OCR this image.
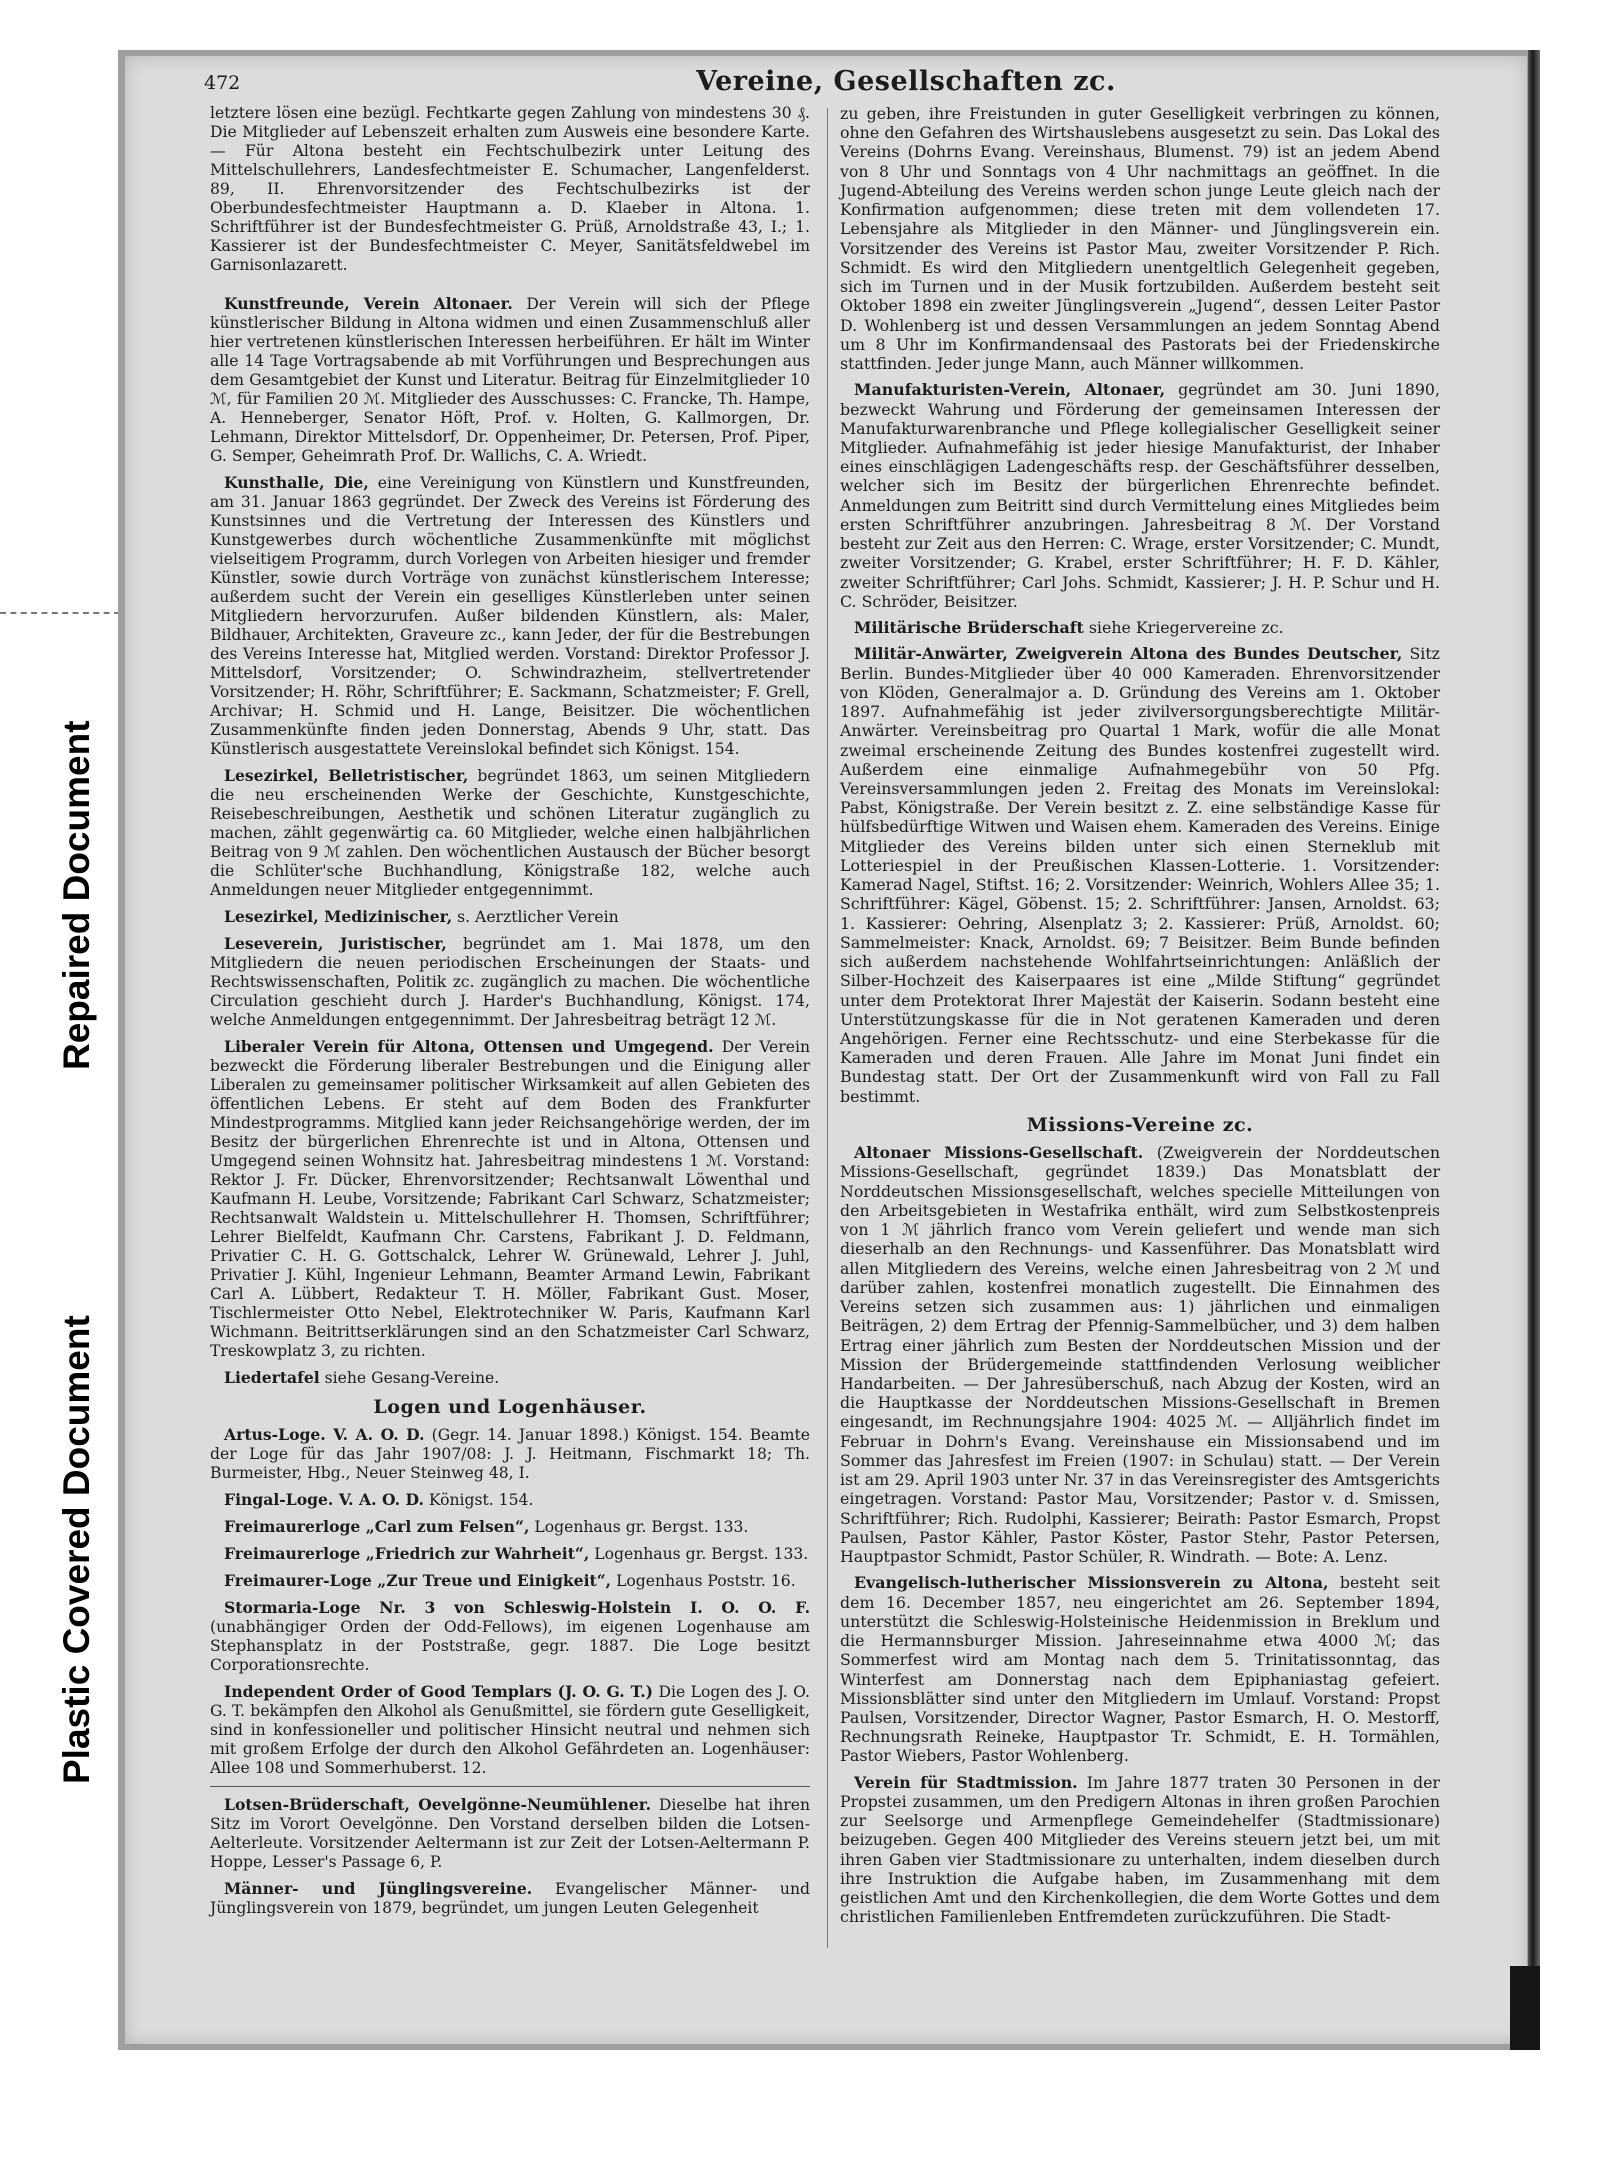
Repaired Document
Plastic Covered Document
472	Vereine, Gesellschaften zc.

letztere lösen eine bezügl. Fechtkarte gegen Zahlung von mindestens 30 ₰. Die Mitglieder auf Lebenszeit erhalten zum Ausweis eine besondere Karte. — Für Altona besteht ein Fechtschulbezirk unter Leitung des Mittelschullehrers, Landesfechtmeister E. Schumacher, Langenfelderst. 89, II. Ehrenvorsitzender des Fechtschulbezirks ist der Oberbundesfechtmeister Hauptmann a. D. Klaeber in Altona. 1. Schriftführer ist der Bundesfechtmeister G. Prüß, Arnoldstraße 43, I.; 1. Kassierer ist der Bundesfechtmeister C. Meyer, Sanitätsfeldwebel im Garnisonlazarett.

Kunstfreunde, Verein Altonaer. Der Verein will sich der Pflege künstlerischer Bildung in Altona widmen und einen Zusammenschluß aller hier vertretenen künstlerischen Interessen herbeiführen. Er hält im Winter alle 14 Tage Vortragsabende ab mit Vorführungen und Besprechungen aus dem Gesamtgebiet der Kunst und Literatur. Beitrag für Einzelmitglieder 10 ℳ, für Familien 20 ℳ. Mitglieder des Ausschusses: C. Francke, Th. Hampe, A. Henneberger, Senator Höft, Prof. v. Holten, G. Kallmorgen, Dr. Lehmann, Direktor Mittelsdorf, Dr. Oppenheimer, Dr. Petersen, Prof. Piper, G. Semper, Geheimrath Prof. Dr. Wallichs, C. A. Wriedt.

Kunsthalle, Die, eine Vereinigung von Künstlern und Kunstfreunden, am 31. Januar 1863 gegründet. Der Zweck des Vereins ist Förderung des Kunstsinnes und die Vertretung der Interessen des Künstlers und Kunstgewerbes durch wöchentliche Zusammenkünfte mit möglichst vielseitigem Programm, durch Vorlegen von Arbeiten hiesiger und fremder Künstler, sowie durch Vorträge von zunächst künstlerischem Interesse; außerdem sucht der Verein ein geselliges Künstlerleben unter seinen Mitgliedern hervorzurufen. Außer bildenden Künstlern, als: Maler, Bildhauer, Architekten, Graveure zc., kann Jeder, der für die Bestrebungen des Vereins Interesse hat, Mitglied werden. Vorstand: Direktor Professor J. Mittelsdorf, Vorsitzender; O. Schwindrazheim, stellvertretender Vorsitzender; H. Röhr, Schriftführer; E. Sackmann, Schatzmeister; F. Grell, Archivar; H. Schmid und H. Lange, Beisitzer. Die wöchentlichen Zusammenkünfte finden jeden Donnerstag, Abends 9 Uhr, statt. Das Künstlerisch ausgestattete Vereinslokal befindet sich Königst. 154.

Lesezirkel, Belletristischer, begründet 1863, um seinen Mitgliedern die neu erscheinenden Werke der Geschichte, Kunstgeschichte, Reisebeschreibungen, Aesthetik und schönen Literatur zugänglich zu machen, zählt gegenwärtig ca. 60 Mitglieder, welche einen halbjährlichen Beitrag von 9 ℳ zahlen. Den wöchentlichen Austausch der Bücher besorgt die Schlüter'sche Buchhandlung, Königstraße 182, welche auch Anmeldungen neuer Mitglieder entgegennimmt.

Lesezirkel, Medizinischer, s. Aerztlicher Verein

Leseverein, Juristischer, begründet am 1. Mai 1878, um den Mitgliedern die neuen periodischen Erscheinungen der Staats- und Rechtswissenschaften, Politik zc. zugänglich zu machen. Die wöchentliche Circulation geschieht durch J. Harder's Buchhandlung, Königst. 174, welche Anmeldungen entgegennimmt. Der Jahresbeitrag beträgt 12 ℳ.

Liberaler Verein für Altona, Ottensen und Umgegend. Der Verein bezweckt die Förderung liberaler Bestrebungen und die Einigung aller Liberalen zu gemeinsamer politischer Wirksamkeit auf allen Gebieten des öffentlichen Lebens. Er steht auf dem Boden des Frankfurter Mindestprogramms. Mitglied kann jeder Reichsangehörige werden, der im Besitz der bürgerlichen Ehrenrechte ist und in Altona, Ottensen und Umgegend seinen Wohnsitz hat. Jahresbeitrag mindestens 1 ℳ. Vorstand: Rektor J. Fr. Dücker, Ehrenvorsitzender; Rechtsanwalt Löwenthal und Kaufmann H. Leube, Vorsitzende; Fabrikant Carl Schwarz, Schatzmeister; Rechtsanwalt Waldstein u. Mittelschullehrer H. Thomsen, Schriftführer; Lehrer Bielfeldt, Kaufmann Chr. Carstens, Fabrikant J. D. Feldmann, Privatier C. H. G. Gottschalck, Lehrer W. Grünewald, Lehrer J. Juhl, Privatier J. Kühl, Ingenieur Lehmann, Beamter Armand Lewin, Fabrikant Carl A. Lübbert, Redakteur T. H. Möller, Fabrikant Gust. Moser, Tischlermeister Otto Nebel, Elektrotechniker W. Paris, Kaufmann Karl Wichmann. Beitrittserklärungen sind an den Schatzmeister Carl Schwarz, Treskowplatz 3, zu richten.

Liedertafel siehe Gesang-Vereine.

Logen und Logenhäuser.

Artus-Loge. V. A. O. D. (Gegr. 14. Januar 1898.) Königst. 154. Beamte der Loge für das Jahr 1907/08: J. J. Heitmann, Fischmarkt 18; Th. Burmeister, Hbg., Neuer Steinweg 48, I.

Fingal-Loge. V. A. O. D. Königst. 154.

Freimaurerloge „Carl zum Felsen“, Logenhaus gr. Bergst. 133.

Freimaurerloge „Friedrich zur Wahrheit“, Logenhaus gr. Bergst. 133.

Freimaurer-Loge „Zur Treue und Einigkeit“, Logenhaus Poststr. 16.

Stormaria-Loge Nr. 3 von Schleswig-Holstein I. O. O. F. (unabhängiger Orden der Odd-Fellows), im eigenen Logenhause am Stephansplatz in der Poststraße, gegr. 1887. Die Loge besitzt Corporationsrechte.

Independent Order of Good Templars (J. O. G. T.) Die Logen des J. O. G. T. bekämpfen den Alkohol als Genußmittel, sie fördern gute Geselligkeit, sind in konfessioneller und politischer Hinsicht neutral und nehmen sich mit großem Erfolge der durch den Alkohol Gefährdeten an. Logenhäuser: Allee 108 und Sommerhuberst. 12.

Lotsen-Brüderschaft, Oevelgönne-Neumühlener. Dieselbe hat ihren Sitz im Vorort Oevelgönne. Den Vorstand derselben bilden die Lotsen-Aelterleute. Vorsitzender Aeltermann ist zur Zeit der Lotsen-Aeltermann P. Hoppe, Lesser's Passage 6, P.

Männer- und Jünglingsvereine. Evangelischer Männer- und Jünglingsverein von 1879, begründet, um jungen Leuten Gelegenheit

zu geben, ihre Freistunden in guter Geselligkeit verbringen zu können, ohne den Gefahren des Wirtshauslebens ausgesetzt zu sein. Das Lokal des Vereins (Dohrns Evang. Vereinshaus, Blumenst. 79) ist an jedem Abend von 8 Uhr und Sonntags von 4 Uhr nachmittags an geöffnet. In die Jugend-Abteilung des Vereins werden schon junge Leute gleich nach der Konfirmation aufgenommen; diese treten mit dem vollendeten 17. Lebensjahre als Mitglieder in den Männer- und Jünglingsverein ein. Vorsitzender des Vereins ist Pastor Mau, zweiter Vorsitzender P. Rich. Schmidt. Es wird den Mitgliedern unentgeltlich Gelegenheit gegeben, sich im Turnen und in der Musik fortzubilden. Außerdem besteht seit Oktober 1898 ein zweiter Jünglingsverein „Jugend“, dessen Leiter Pastor D. Wohlenberg ist und dessen Versammlungen an jedem Sonntag Abend um 8 Uhr im Konfirmandensaal des Pastorats bei der Friedenskirche stattfinden. Jeder junge Mann, auch Männer willkommen.

Manufakturisten-Verein, Altonaer, gegründet am 30. Juni 1890, bezweckt Wahrung und Förderung der gemeinsamen Interessen der Manufakturwarenbranche und Pflege kollegialischer Geselligkeit seiner Mitglieder. Aufnahmefähig ist jeder hiesige Manufakturist, der Inhaber eines einschlägigen Ladengeschäfts resp. der Geschäftsführer desselben, welcher sich im Besitz der bürgerlichen Ehrenrechte befindet. Anmeldungen zum Beitritt sind durch Vermittelung eines Mitgliedes beim ersten Schriftführer anzubringen. Jahresbeitrag 8 ℳ. Der Vorstand besteht zur Zeit aus den Herren: C. Wrage, erster Vorsitzender; C. Mundt, zweiter Vorsitzender; G. Krabel, erster Schriftführer; H. F. D. Kähler, zweiter Schriftführer; Carl Johs. Schmidt, Kassierer; J. H. P. Schur und H. C. Schröder, Beisitzer.

Militärische Brüderschaft siehe Kriegervereine zc.

Militär-Anwärter, Zweigverein Altona des Bundes Deutscher, Sitz Berlin. Bundes-Mitglieder über 40 000 Kameraden. Ehrenvorsitzender von Klöden, Generalmajor a. D. Gründung des Vereins am 1. Oktober 1897. Aufnahmefähig ist jeder zivilversorgungsberechtigte Militär-Anwärter. Vereinsbeitrag pro Quartal 1 Mark, wofür die alle Monat zweimal erscheinende Zeitung des Bundes kostenfrei zugestellt wird. Außerdem eine einmalige Aufnahmegebühr von 50 Pfg. Vereinsversammlungen jeden 2. Freitag des Monats im Vereinslokal: Pabst, Königstraße. Der Verein besitzt z. Z. eine selbständige Kasse für hülfsbedürftige Witwen und Waisen ehem. Kameraden des Vereins. Einige Mitglieder des Vereins bilden unter sich einen Sterneklub mit Lotteriespiel in der Preußischen Klassen-Lotterie. 1. Vorsitzender: Kamerad Nagel, Stiftst. 16; 2. Vorsitzender: Weinrich, Wohlers Allee 35; 1. Schriftführer: Kägel, Göbenst. 15; 2. Schriftführer: Jansen, Arnoldst. 63; 1. Kassierer: Oehring, Alsenplatz 3; 2. Kassierer: Prüß, Arnoldst. 60; Sammelmeister: Knack, Arnoldst. 69; 7 Beisitzer. Beim Bunde befinden sich außerdem nachstehende Wohlfahrtseinrichtungen: Anläßlich der Silber-Hochzeit des Kaiserpaares ist eine „Milde Stiftung“ gegründet unter dem Protektorat Ihrer Majestät der Kaiserin. Sodann besteht eine Unterstützungskasse für die in Not geratenen Kameraden und deren Angehörigen. Ferner eine Rechtsschutz- und eine Sterbekasse für die Kameraden und deren Frauen. Alle Jahre im Monat Juni findet ein Bundestag statt. Der Ort der Zusammenkunft wird von Fall zu Fall bestimmt.

Missions-Vereine zc.

Altonaer Missions-Gesellschaft. (Zweigverein der Norddeutschen Missions-Gesellschaft, gegründet 1839.) Das Monatsblatt der Norddeutschen Missionsgesellschaft, welches specielle Mitteilungen von den Arbeitsgebieten in Westafrika enthält, wird zum Selbstkostenpreis von 1 ℳ jährlich franco vom Verein geliefert und wende man sich dieserhalb an den Rechnungs- und Kassenführer. Das Monatsblatt wird allen Mitgliedern des Vereins, welche einen Jahresbeitrag von 2 ℳ und darüber zahlen, kostenfrei monatlich zugestellt. Die Einnahmen des Vereins setzen sich zusammen aus: 1) jährlichen und einmaligen Beiträgen, 2) dem Ertrag der Pfennig-Sammelbücher, und 3) dem halben Ertrag einer jährlich zum Besten der Norddeutschen Mission und der Mission der Brüdergemeinde stattfindenden Verlosung weiblicher Handarbeiten. — Der Jahresüberschuß, nach Abzug der Kosten, wird an die Hauptkasse der Norddeutschen Missions-Gesellschaft in Bremen eingesandt, im Rechnungsjahre 1904: 4025 ℳ. — Alljährlich findet im Februar in Dohrn's Evang. Vereinshause ein Missionsabend und im Sommer das Jahresfest im Freien (1907: in Schulau) statt. — Der Verein ist am 29. April 1903 unter Nr. 37 in das Vereinsregister des Amtsgerichts eingetragen. Vorstand: Pastor Mau, Vorsitzender; Pastor v. d. Smissen, Schriftführer; Rich. Rudolphi, Kassierer; Beirath: Pastor Esmarch, Propst Paulsen, Pastor Kähler, Pastor Köster, Pastor Stehr, Pastor Petersen, Hauptpastor Schmidt, Pastor Schüler, R. Windrath. — Bote: A. Lenz.

Evangelisch-lutherischer Missionsverein zu Altona, besteht seit dem 16. December 1857, neu eingerichtet am 26. September 1894, unterstützt die Schleswig-Holsteinische Heidenmission in Breklum und die Hermannsburger Mission. Jahreseinnahme etwa 4000 ℳ; das Sommerfest wird am Montag nach dem 5. Trinitatissonntag, das Winterfest am Donnerstag nach dem Epiphaniastag gefeiert. Missionsblätter sind unter den Mitgliedern im Umlauf. Vorstand: Propst Paulsen, Vorsitzender, Director Wagner, Pastor Esmarch, H. O. Mestorff, Rechnungsrath Reineke, Hauptpastor Tr. Schmidt, E. H. Tormählen, Pastor Wiebers, Pastor Wohlenberg.

Verein für Stadtmission. Im Jahre 1877 traten 30 Personen in der Propstei zusammen, um den Predigern Altonas in ihren großen Parochien zur Seelsorge und Armenpflege Gemeindehelfer (Stadtmissionare) beizugeben. Gegen 400 Mitglieder des Vereins steuern jetzt bei, um mit ihren Gaben vier Stadtmissionare zu unterhalten, indem dieselben durch ihre Instruktion die Aufgabe haben, im Zusammenhang mit dem geistlichen Amt und den Kirchenkollegien, die dem Worte Gottes und dem christlichen Familienleben Entfremdeten zurückzuführen. Die Stadt-
